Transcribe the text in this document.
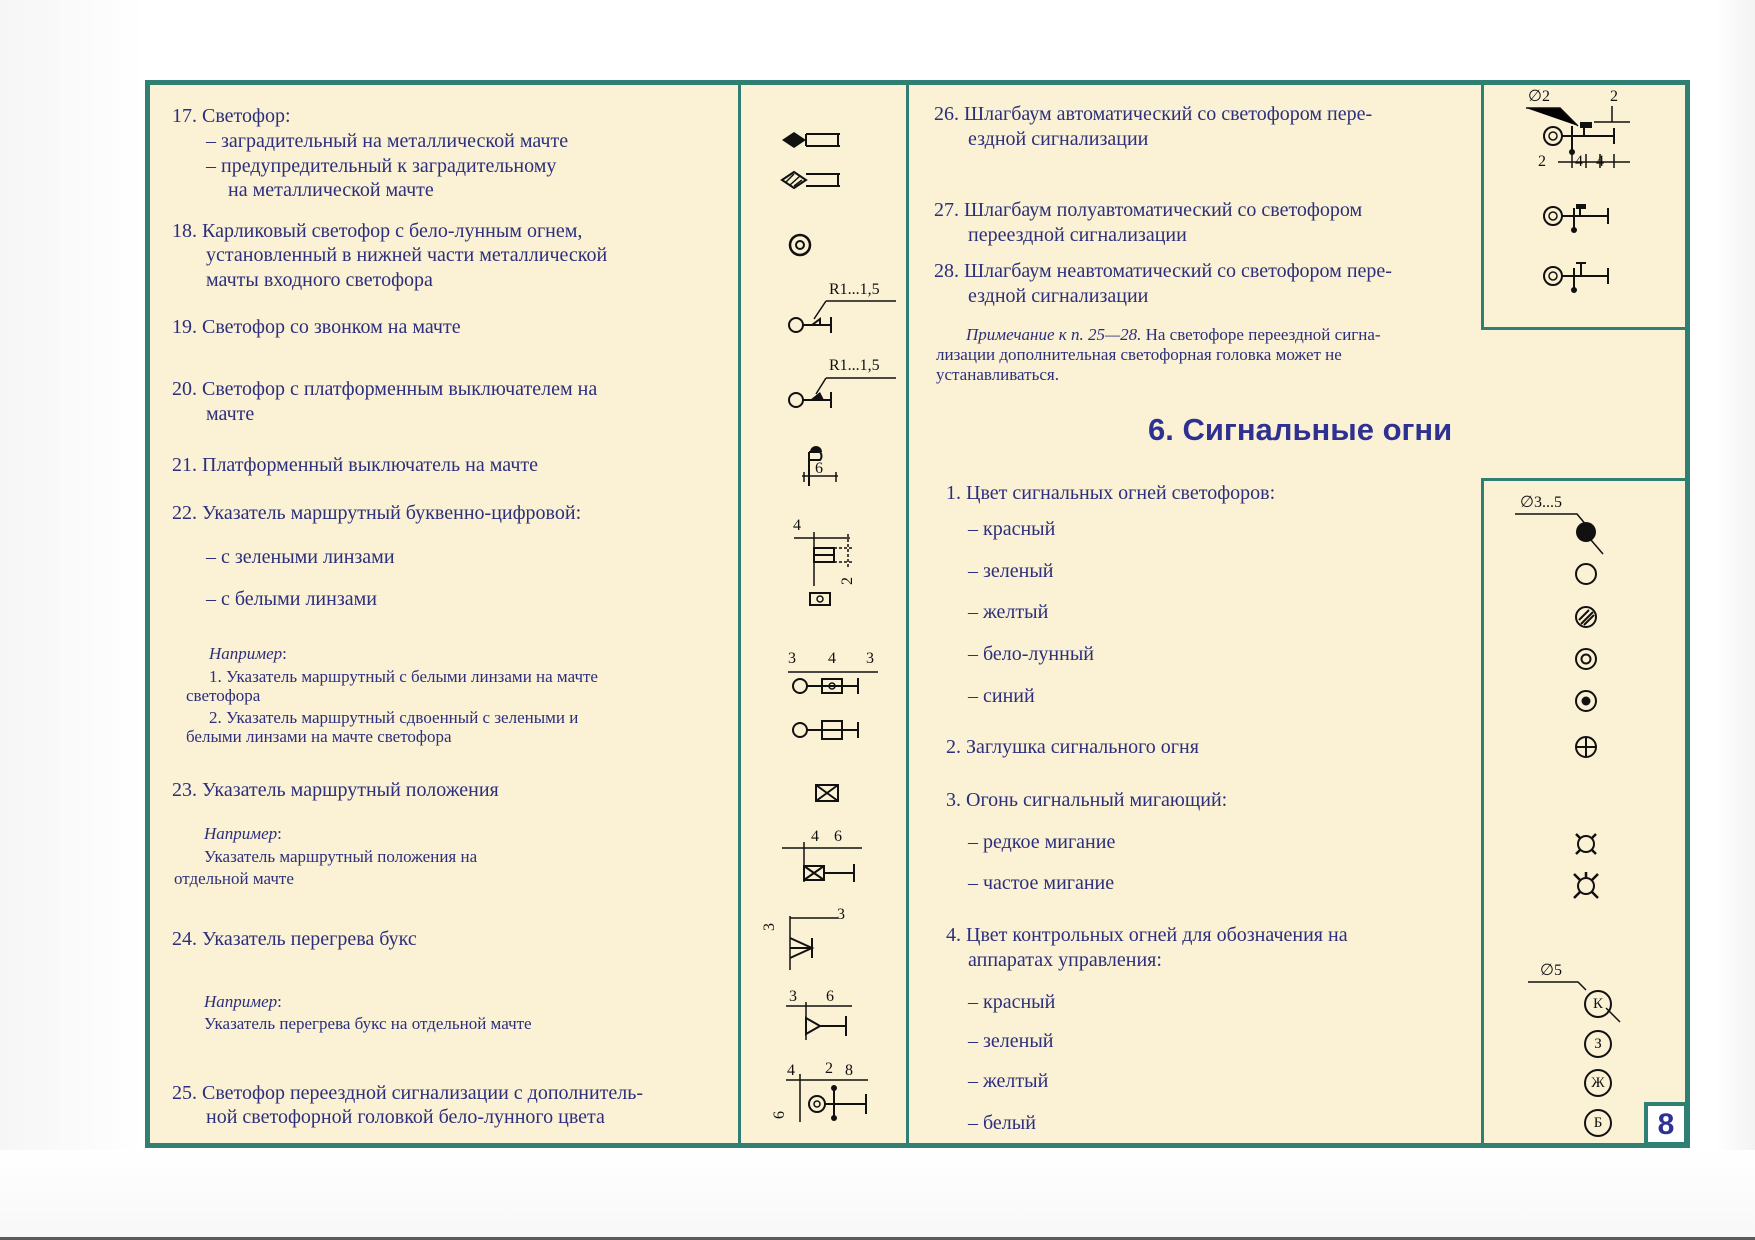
17. Светофор:
– заградительный на металлической мачте
– предупредительный к заградительному
на металлической мачте
18. Карликовый светофор с бело-лунным огнем,
установленный в нижней части металлической
мачты входного светофора
19. Светофор со звонком на мачте
20. Светофор с платформенным выключателем на
мачте
21. Платформенный выключатель на мачте
22. Указатель маршрутный буквенно-цифровой:
– с зелеными линзами
– с белыми линзами
Например:
1. Указатель маршрутный с белыми линзами на мачте
светофора
2. Указатель маршрутный сдвоенный с зелеными и
белыми линзами на мачте светофора
23. Указатель маршрутный положения
Например:
Указатель маршрутный положения на
отдельной мачте
24. Указатель перегрева букс
Например:
Указатель перегрева букс на отдельной мачте
25. Светофор переездной сигнализации с дополнитель-
ной светофорной головкой бело-лунного цвета
R1...1,5
R1...1,5
6
4
2
3 4 3
4 6
3
3
3 6
4 2 8
6
26. Шлагбаум автоматический со светофором пере-
ездной сигнализации
27. Шлагбаум полуавтоматический со светофором
переездной сигнализации
28. Шлагбаум неавтоматический со светофором пере-
ездной сигнализации
Примечание к п. 25—28. На светофоре переездной сигна-
лизации дополнительная светофорная головка может не
устанавливаться.
∅2	2
2 4 4
6. Сигнальные огни
1. Цвет сигнальных огней светофоров:
– красный
– зеленый
– желтый
– бело-лунный
– синий
2. Заглушка сигнального огня
3. Огонь сигнальный мигающий:
– редкое мигание
– частое мигание
4. Цвет контрольных огней для обозначения на
аппаратах управления:
– красный
– зеленый
– желтый
– белый
∅3...5
∅5
К
З
Ж
Б	8
